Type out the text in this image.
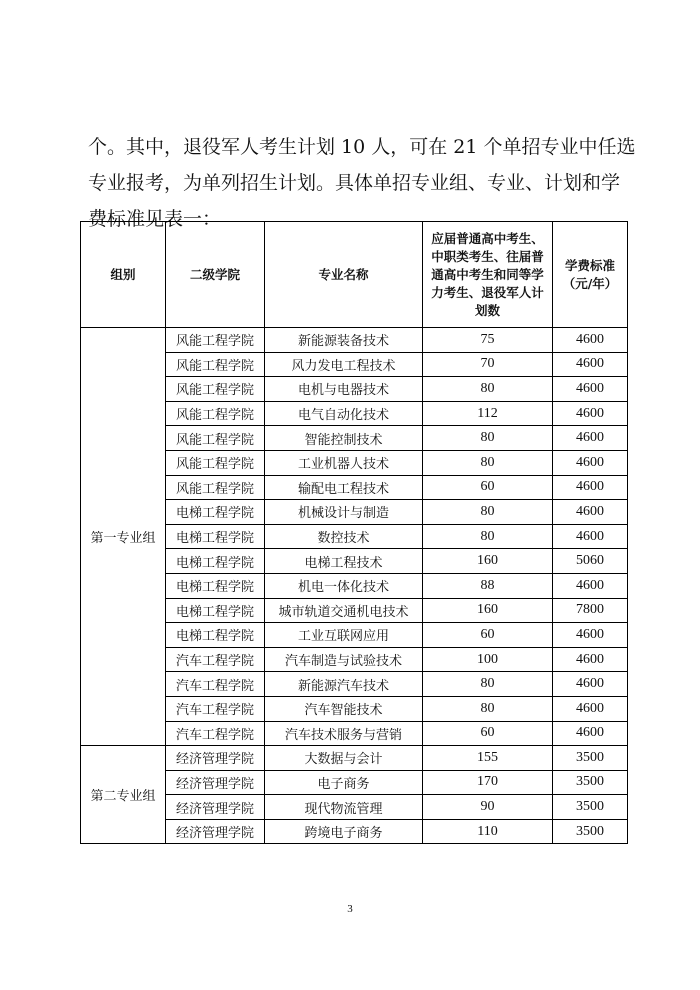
个。其中，退役军人考生计划 10 人，可在 21 个单招专业中任选
专业报考，为单列招生计划。具体单招专业组、专业、计划和学
费标准见表一：

组别	二级学院	专业名称	应届普通高中考生、中职类考生、往届普通高中考生和同等学力考生、退役军人计划数	学费标准（元/年）
第一专业组	风能工程学院	新能源装备技术	75	4600
	风能工程学院	风力发电工程技术	70	4600
	风能工程学院	电机与电器技术	80	4600
	风能工程学院	电气自动化技术	112	4600
	风能工程学院	智能控制技术	80	4600
	风能工程学院	工业机器人技术	80	4600
	风能工程学院	输配电工程技术	60	4600
	电梯工程学院	机械设计与制造	80	4600
	电梯工程学院	数控技术	80	4600
	电梯工程学院	电梯工程技术	160	5060
	电梯工程学院	机电一体化技术	88	4600
	电梯工程学院	城市轨道交通机电技术	160	7800
	电梯工程学院	工业互联网应用	60	4600
	汽车工程学院	汽车制造与试验技术	100	4600
	汽车工程学院	新能源汽车技术	80	4600
	汽车工程学院	汽车智能技术	80	4600
	汽车工程学院	汽车技术服务与营销	60	4600
第二专业组	经济管理学院	大数据与会计	155	3500
	经济管理学院	电子商务	170	3500
	经济管理学院	现代物流管理	90	3500
	经济管理学院	跨境电子商务	110	3500
3
